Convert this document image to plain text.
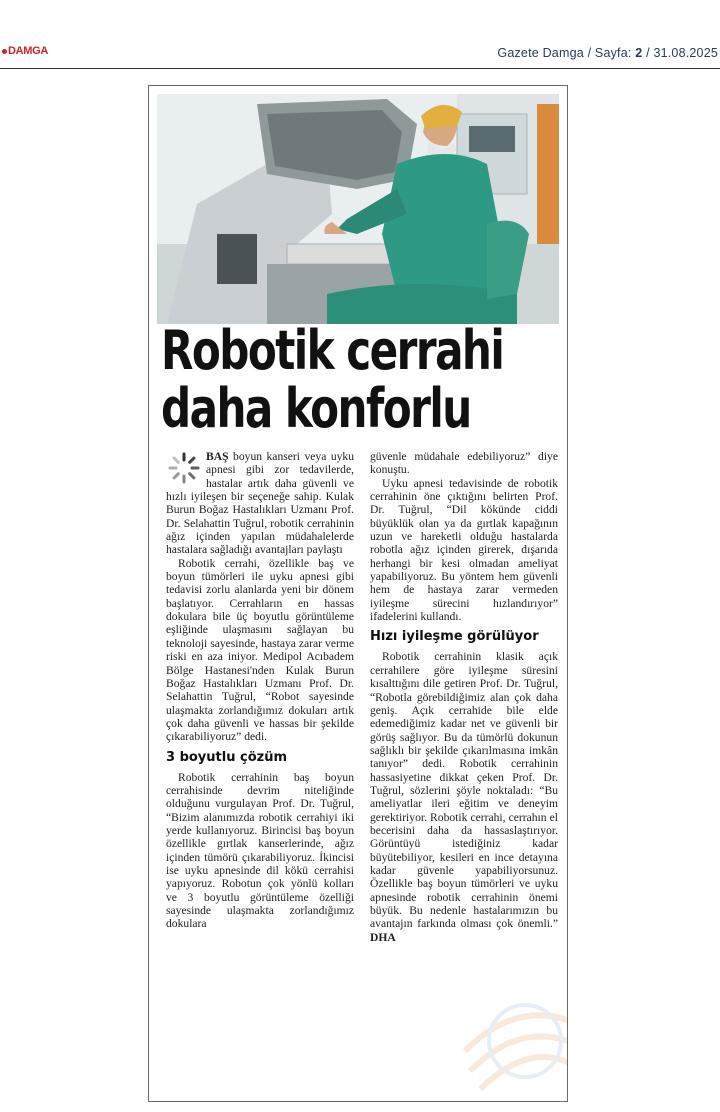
DAMGA	Gazete Damga / Sayfa: 2 / 31.08.2025
Robotik cerrahi
daha konforlu

BAŞ boyun kanseri veya uyku apnesi gibi zor tedavilerde, hastalar artık daha güvenli ve hızlı iyileşen bir seçeneğe sahip. Kulak Burun Boğaz Hastalıkları Uzmanı Prof. Dr. Selahattin Tuğrul, robotik cerrahinin ağız içinden yapılan müdahalelerde hastalara sağladığı avantajları paylaştı

Robotik cerrahi, özellikle baş ve boyun tümörleri ile uyku apnesi gibi tedavisi zorlu alanlarda yeni bir dönem başlatıyor. Cerrahların en hassas dokulara bile üç boyutlu görüntüleme eşliğinde ulaşmasını sağlayan bu teknoloji sayesinde, hastaya zarar verme riski en aza iniyor. Medipol Acıbadem Bölge Hastanesi'nden Kulak Burun Boğaz Hastalıkları Uzmanı Prof. Dr. Selahattin Tuğrul, “Robot sayesinde ulaşmakta zorlandığımız dokuları artık çok daha güvenli ve hassas bir şekilde çıkarabiliyoruz” dedi.

3 boyutlu çözüm

Robotik cerrahinin baş boyun cerrahisinde devrim niteliğinde olduğunu vurgulayan Prof. Dr. Tuğrul, “Bizim alanımızda robotik cerrahiyi iki yerde kullanıyoruz. Birincisi baş boyun özellikle gırtlak kanserlerinde, ağız içinden tümörü çıkarabiliyoruz. İkincisi ise uyku apnesinde dil kökü cerrahisi yapıyoruz. Robotun çok yönlü kolları ve 3 boyutlu görüntüleme özelliği sayesinde ulaşmakta zorlandığımız dokulara

güvenle müdahale edebiliyoruz” diye konuştu.

Uyku apnesi tedavisinde de robotik cerrahinin öne çıktığını belirten Prof. Dr. Tuğrul, “Dil kökünde ciddi büyüklük olan ya da gırtlak kapağının uzun ve hareketli olduğu hastalarda robotla ağız içinden girerek, dışarıda herhangi bir kesi olmadan ameliyat yapabiliyoruz. Bu yöntem hem güvenli hem de hastaya zarar vermeden iyileşme sürecini hızlandırıyor” ifadelerini kullandı.

Hızı iyileşme görülüyor

Robotik cerrahinin klasik açık cerrahilere göre iyileşme süresini kısalttığını dile getiren Prof. Dr. Tuğrul, “Robotla görebildiğimiz alan çok daha geniş. Açık cerrahide bile elde edemediğimiz kadar net ve güvenli bir görüş sağlıyor. Bu da tümörlü dokunun sağlıklı bir şekilde çıkarılmasına imkân tanıyor” dedi. Robotik cerrahinin hassasiyetine dikkat çeken Prof. Dr. Tuğrul, sözlerini şöyle noktaladı: “Bu ameliyatlar ileri eğitim ve deneyim gerektiriyor. Robotik cerrahi, cerrahın el becerisini daha da hassaslaştırıyor. Görüntüyü istediğiniz kadar büyütebiliyor, kesileri en ince detayına kadar güvenle yapabiliyorsunuz. Özellikle baş boyun tümörleri ve uyku apnesinde robotik cerrahinin önemi büyük. Bu nedenle hastalarımızın bu avantajın farkında olması çok önemli.” DHA
